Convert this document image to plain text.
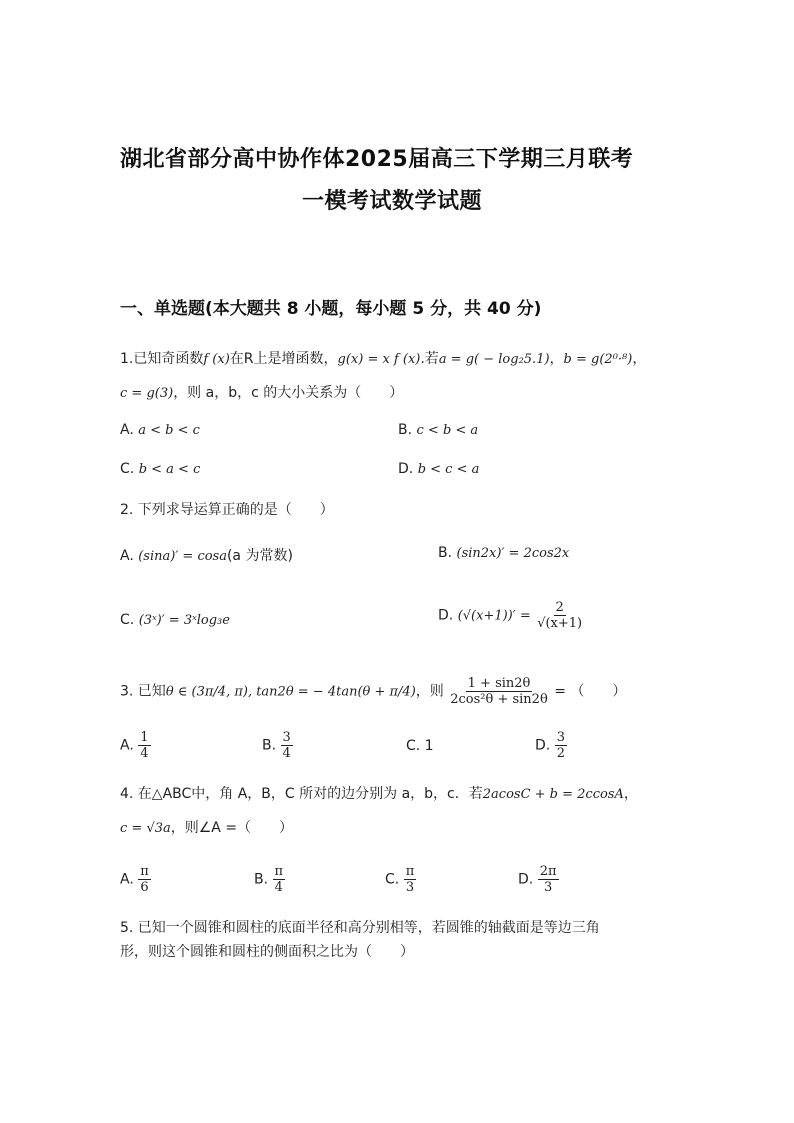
湖北省部分高中协作体2025届高三下学期三月联考
一模考试数学试题
一、单选题(本大题共 8 小题，每小题 5 分，共 40 分)
1.已知奇函数f (x)在R上是增函数，g(x) = x f (x).若a = g( − log₂5.1)，b = g(2⁰·⁸)，
c = g(3)，则 a，b，c 的大小关系为（　　）
A. a < b < c	B. c < b < a
C. b < a < c	D. b < c < a
2. 下列求导运算正确的是（　　）
A. (sina)′ = cosa(a 为常数)	B. (sin2x)′ = 2cos2x
C. (3ˣ)′ = 3ˣlog₃e	D. $(√(x+1))' = \frac{2}{√(x+1)}$
3. 已知θ ∈ (3π/4, π), tan2θ = − 4tan(θ + π/4)，则 $\frac{1 + \sin 2\theta}{\text{2cos²θ + sin2θ}}$ = （　　）
A. $\frac{1}{4}$	B. $\frac{3}{4}$	C. 1	D. $\frac{3}{2}$
4. 在△ABC中，角 A，B，C 所对的边分别为 a，b，c．若2acosC + b = 2ccosA，
c = √3a，则∠A =（　　）
A. $\frac{\pi}{6}$	B. $\frac{\pi}{4}$	C. $\frac{\pi}{3}$	D. $\frac{2\pi}{3}$
5. 已知一个圆锥和圆柱的底面半径和高分别相等，若圆锥的轴截面是等边三角
形，则这个圆锥和圆柱的侧面积之比为（　　）
